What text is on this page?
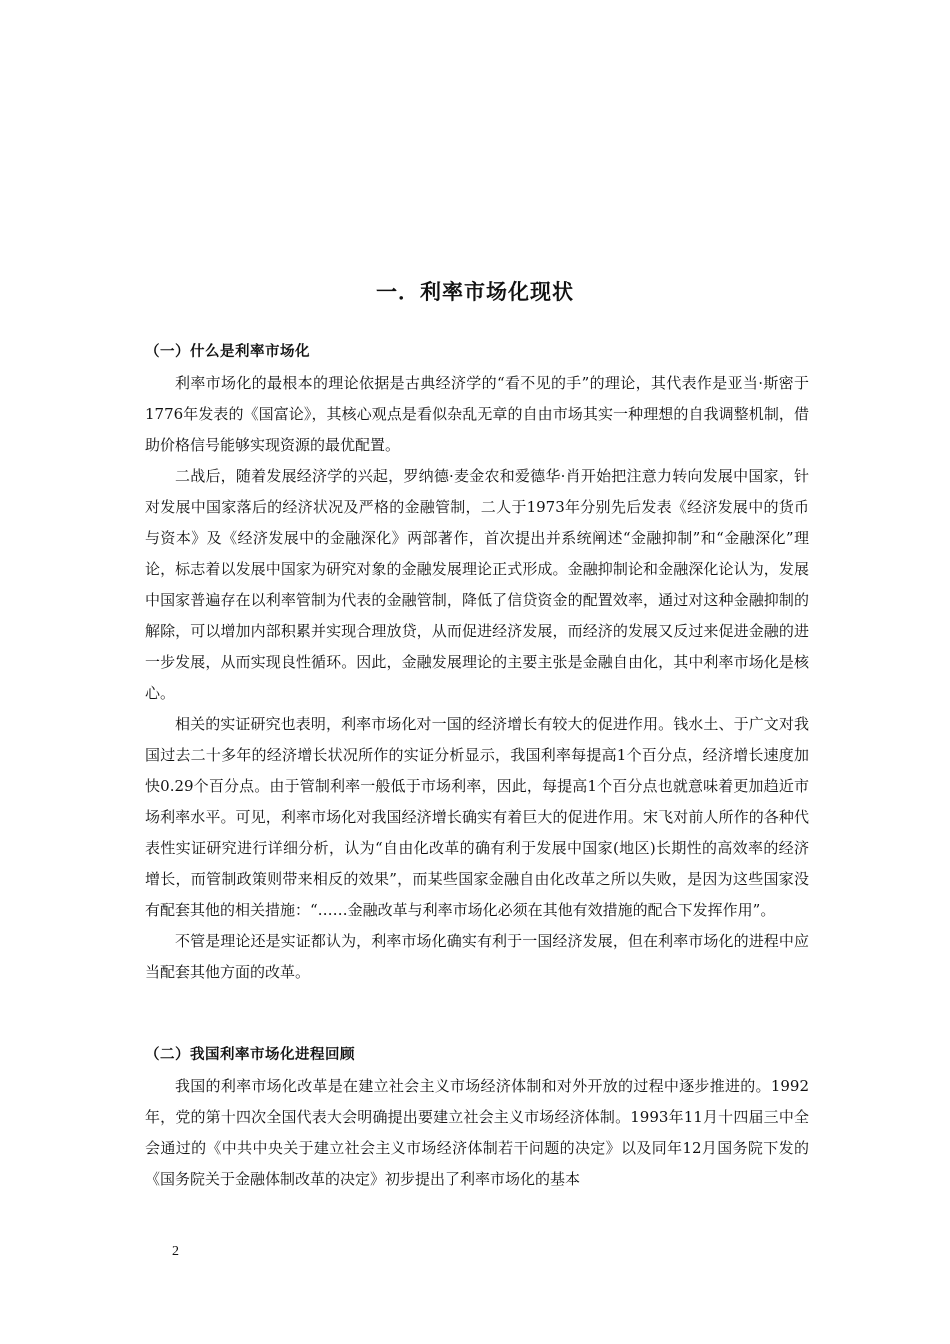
一．利率市场化现状
（一）什么是利率市场化

利率市场化的最根本的理论依据是古典经济学的“看不见的手”的理论，其代表作是亚当·斯密于1776年发表的《国富论》，其核心观点是看似杂乱无章的自由市场其实一种理想的自我调整机制，借助价格信号能够实现资源的最优配置。

二战后，随着发展经济学的兴起，罗纳德·麦金农和爱德华·肖开始把注意力转向发展中国家，针对发展中国家落后的经济状况及严格的金融管制，二人于1973年分别先后发表《经济发展中的货币与资本》及《经济发展中的金融深化》两部著作，首次提出并系统阐述“金融抑制”和“金融深化”理论，标志着以发展中国家为研究对象的金融发展理论正式形成。金融抑制论和金融深化论认为，发展中国家普遍存在以利率管制为代表的金融管制，降低了信贷资金的配置效率，通过对这种金融抑制的解除，可以增加内部积累并实现合理放贷，从而促进经济发展，而经济的发展又反过来促进金融的进一步发展，从而实现良性循环。因此，金融发展理论的主要主张是金融自由化，其中利率市场化是核心。

相关的实证研究也表明，利率市场化对一国的经济增长有较大的促进作用。钱水土、于广文对我国过去二十多年的经济增长状况所作的实证分析显示，我国利率每提高1个百分点，经济增长速度加快0.29个百分点。由于管制利率一般低于市场利率，因此，每提高1个百分点也就意味着更加趋近市场利率水平。可见，利率市场化对我国经济增长确实有着巨大的促进作用。宋飞对前人所作的各种代表性实证研究进行详细分析，认为“自由化改革的确有利于发展中国家(地区)长期性的高效率的经济增长，而管制政策则带来相反的效果”，而某些国家金融自由化改革之所以失败，是因为这些国家没有配套其他的相关措施：“……金融改革与利率市场化必须在其他有效措施的配合下发挥作用”。

不管是理论还是实证都认为，利率市场化确实有利于一国经济发展，但在利率市场化的进程中应当配套其他方面的改革。

（二）我国利率市场化进程回顾

我国的利率市场化改革是在建立社会主义市场经济体制和对外开放的过程中逐步推进的。1992年，党的第十四次全国代表大会明确提出要建立社会主义市场经济体制。1993年11月十四届三中全会通过的《中共中央关于建立社会主义市场经济体制若干问题的决定》以及同年12月国务院下发的《国务院关于金融体制改革的决定》初步提出了利率市场化的基本

2
